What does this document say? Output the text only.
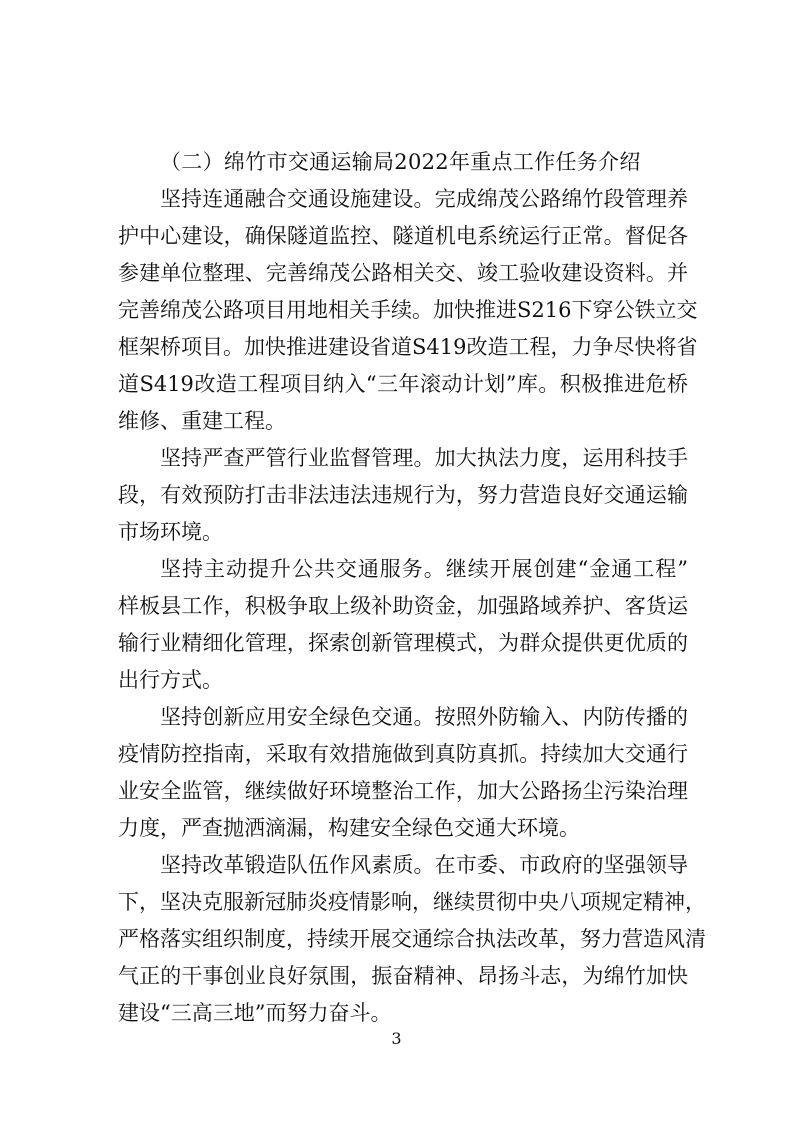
（二）绵竹市交通运输局2022年重点工作任务介绍
坚持连通融合交通设施建设。完成绵茂公路绵竹段管理养
护中心建设，确保隧道监控、隧道机电系统运行正常。督促各
参建单位整理、完善绵茂公路相关交、竣工验收建设资料。并
完善绵茂公路项目用地相关手续。加快推进S216下穿公铁立交
框架桥项目。加快推进建设省道S419改造工程，力争尽快将省
道S419改造工程项目纳入“三年滚动计划”库。积极推进危桥
维修、重建工程。
坚持严查严管行业监督管理。加大执法力度，运用科技手
段，有效预防打击非法违法违规行为，努力营造良好交通运输
市场环境。
坚持主动提升公共交通服务。继续开展创建“金通工程”
样板县工作，积极争取上级补助资金，加强路域养护、客货运
输行业精细化管理，探索创新管理模式，为群众提供更优质的
出行方式。
坚持创新应用安全绿色交通。按照外防输入、内防传播的
疫情防控指南，采取有效措施做到真防真抓。持续加大交通行
业安全监管，继续做好环境整治工作，加大公路扬尘污染治理
力度，严查抛洒滴漏，构建安全绿色交通大环境。
坚持改革锻造队伍作风素质。在市委、市政府的坚强领导
下，坚决克服新冠肺炎疫情影响，继续贯彻中央八项规定精神，
严格落实组织制度，持续开展交通综合执法改革，努力营造风清
气正的干事创业良好氛围，振奋精神、昂扬斗志，为绵竹加快
建设“三高三地”而努力奋斗。
3
